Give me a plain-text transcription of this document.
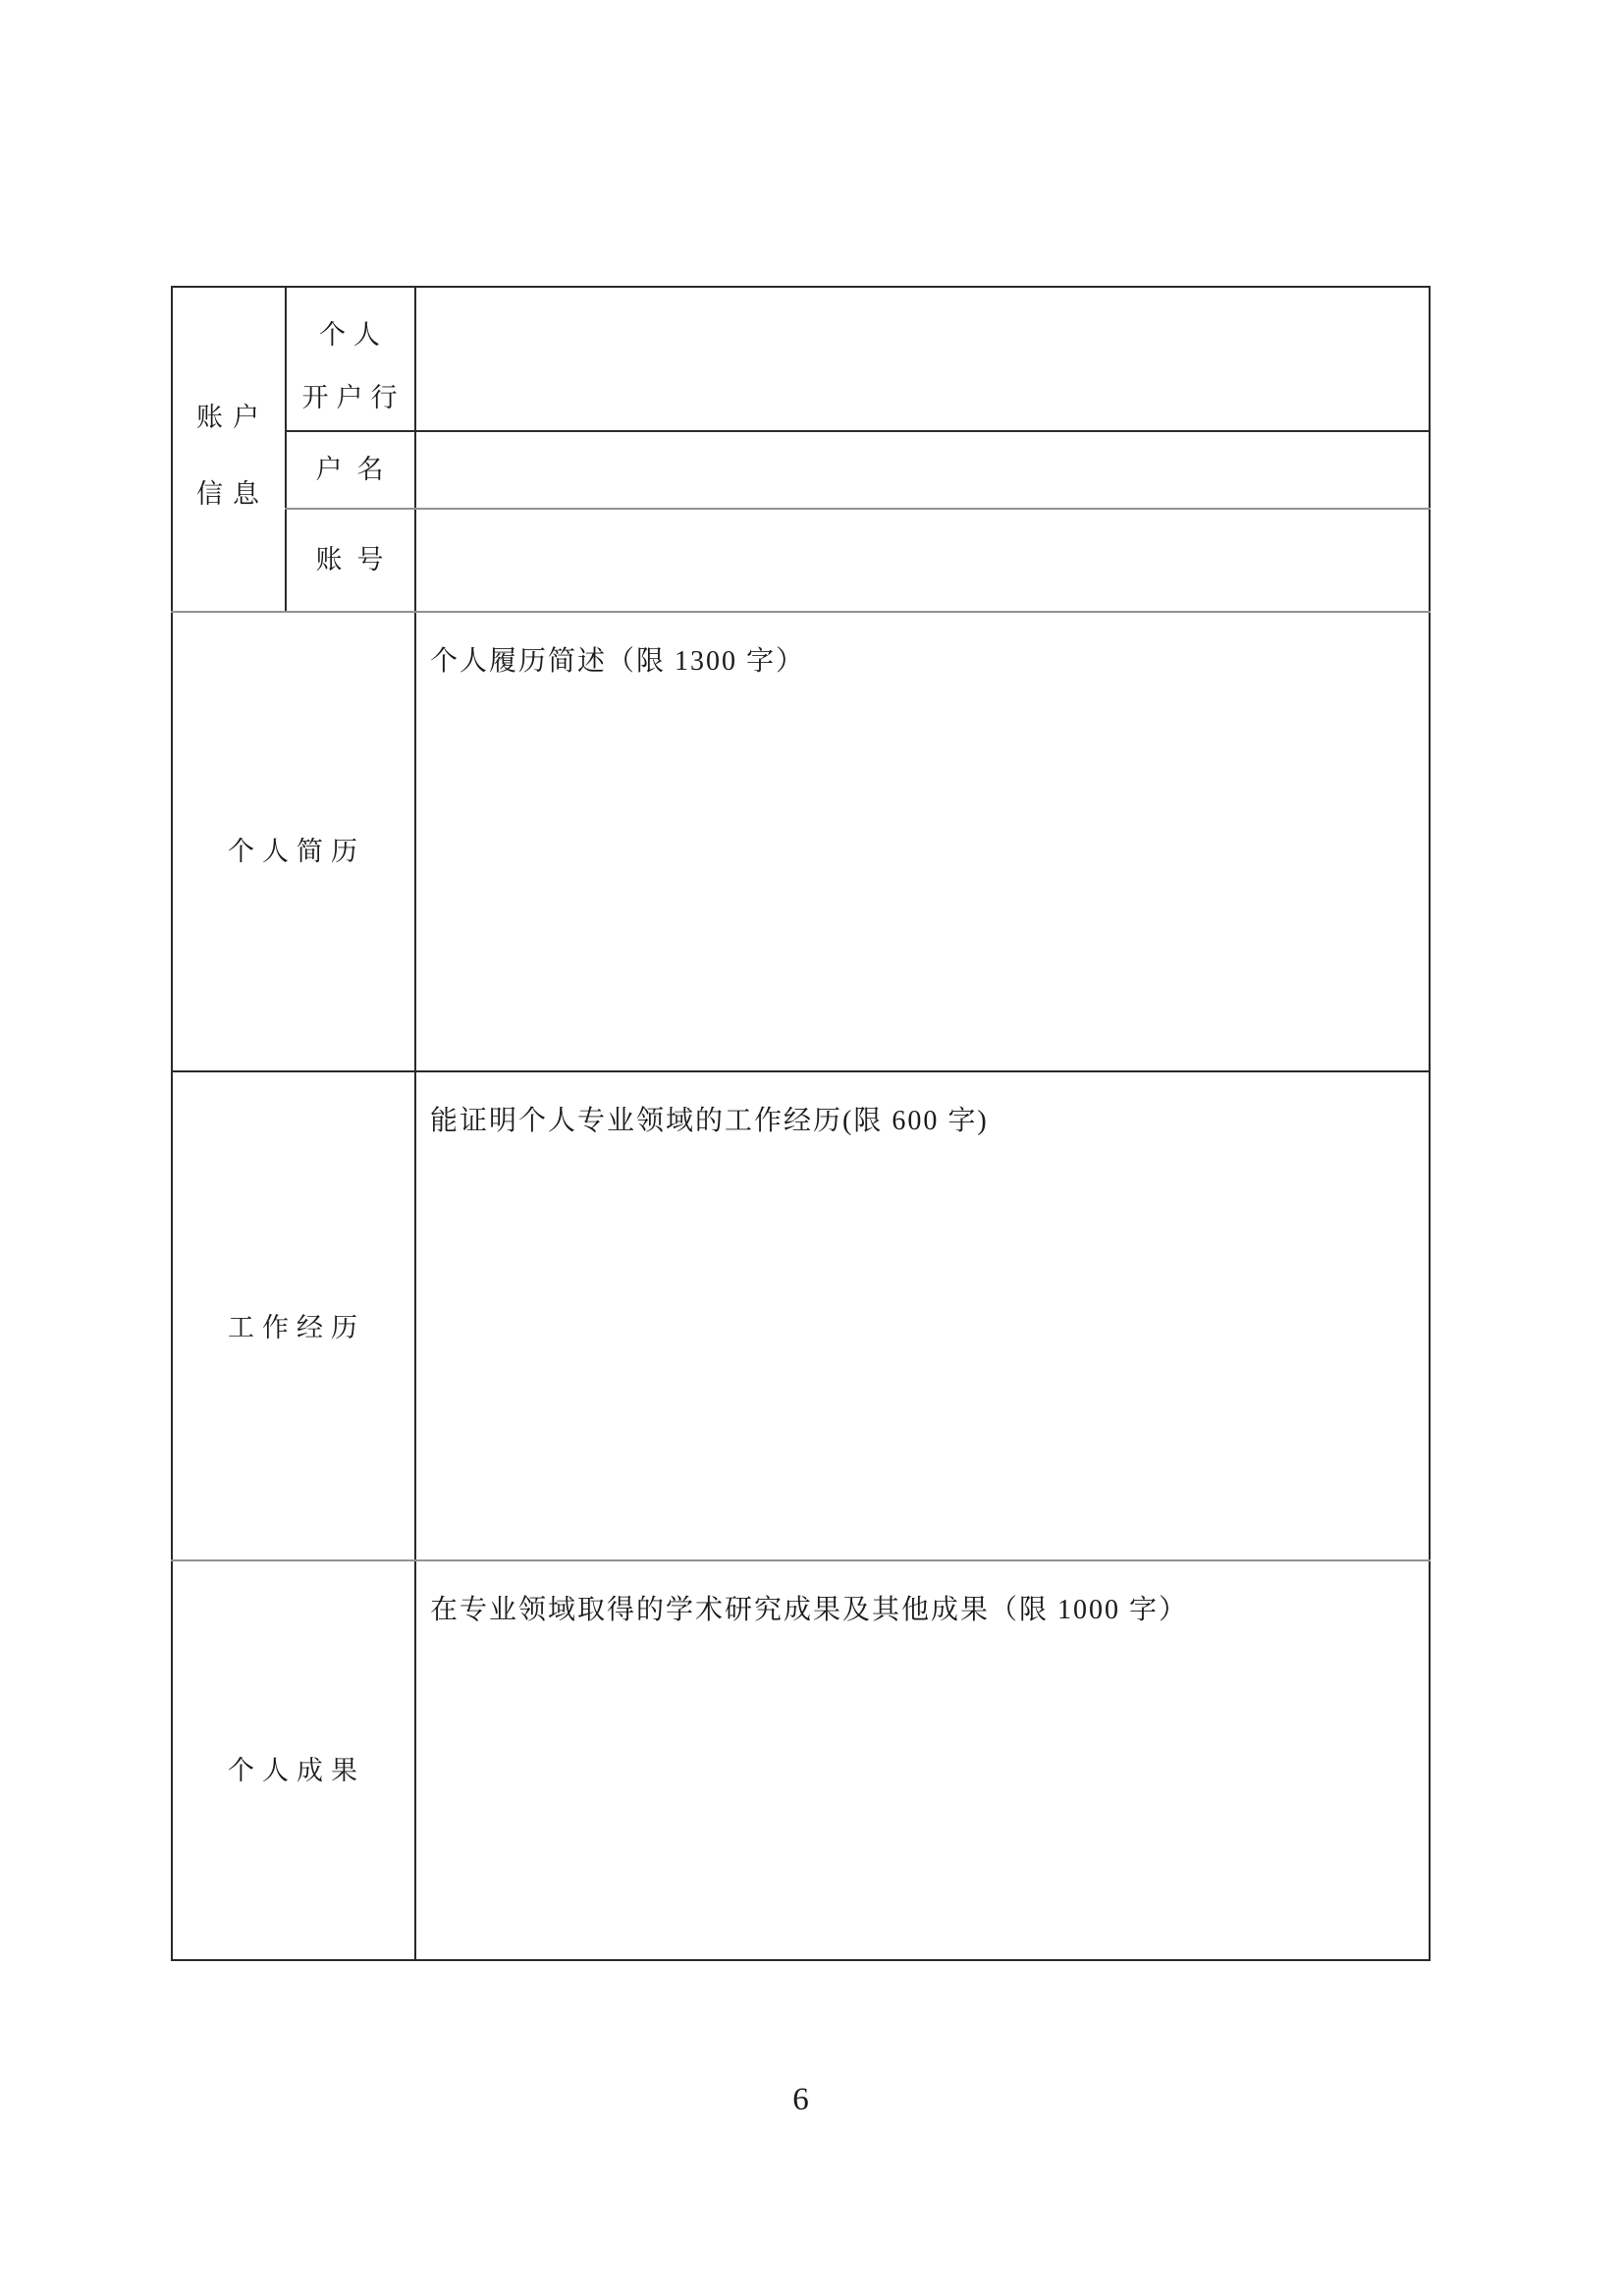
账户
信息
个人
开户行
户名
账号
个人简历
个人履历简述（限 1300 字）
工作经历
能证明个人专业领域的工作经历(限 600 字)
个人成果
在专业领域取得的学术研究成果及其他成果（限 1000 字）
6
